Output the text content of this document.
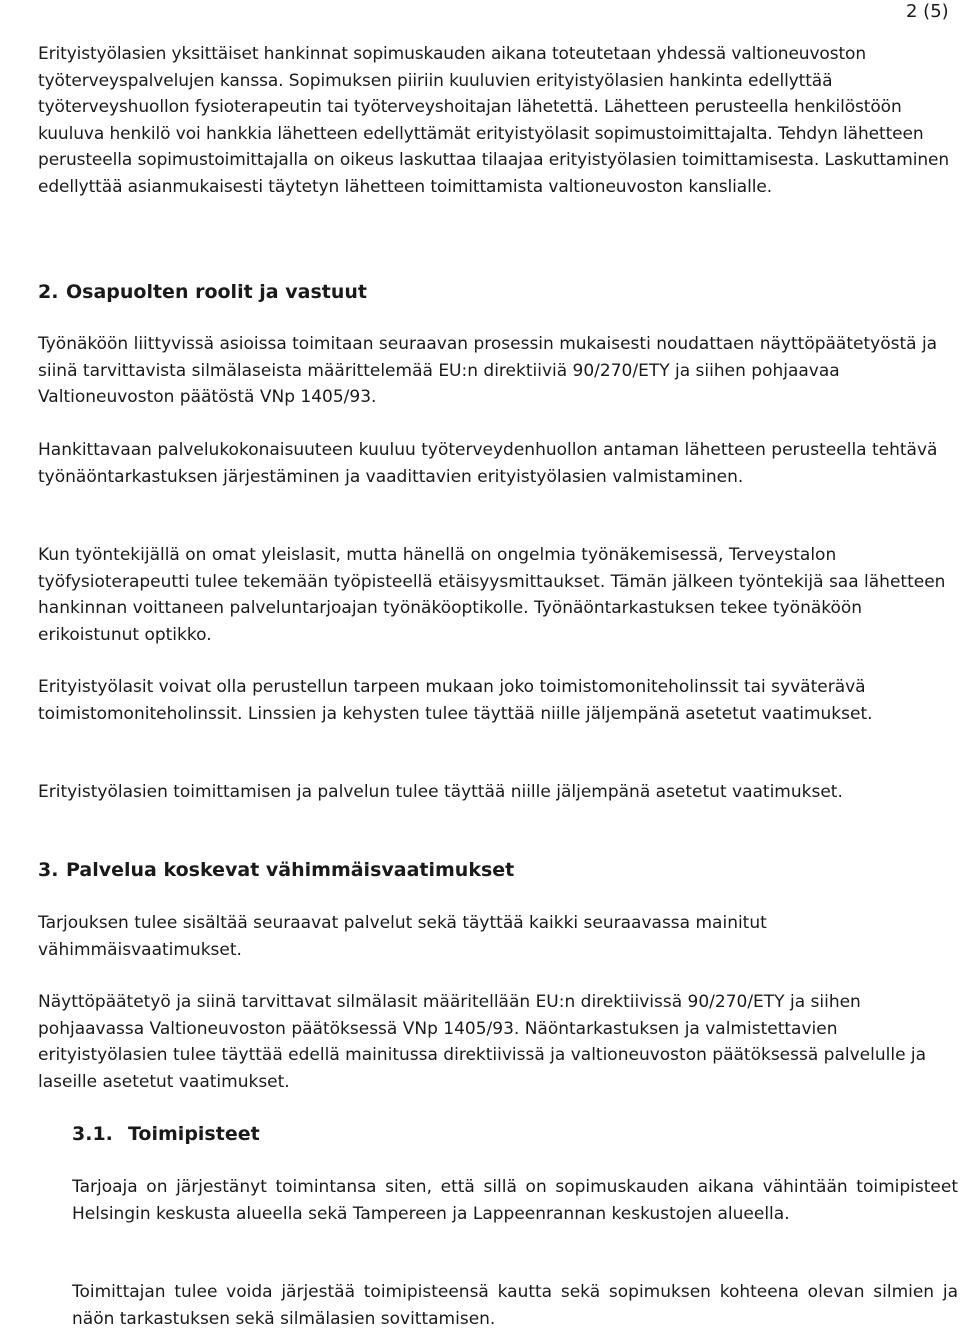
2 (5)

Erityistyölasien yksittäiset hankinnat sopimuskauden aikana toteutetaan yhdessä valtioneuvoston työterveyspalvelujen kanssa. Sopimuksen piiriin kuuluvien erityistyölasien hankinta edellyttää työterveyshuollon fysioterapeutin tai työterveyshoitajan lähetettä. Lähetteen perusteella henkilöstöön kuuluva henkilö voi hankkia lähetteen edellyttämät erityistyölasit sopimustoimittajalta. Tehdyn lähetteen perusteella sopimustoimittajalla on oikeus laskuttaa tilaajaa erityistyölasien toimittamisesta. Laskuttaminen edellyttää asianmukaisesti täytetyn lähetteen toimittamista valtioneuvoston kanslialle.

2. Osapuolten roolit ja vastuut

Työnäköön liittyvissä asioissa toimitaan seuraavan prosessin mukaisesti noudattaen näyttöpäätetyöstä ja siinä tarvittavista silmälaseista määrittelemää EU:n direktiiviä 90/270/ETY ja siihen pohjaavaa Valtioneuvoston päätöstä VNp 1405/93.

Hankittavaan palvelukokonaisuuteen kuuluu työterveydenhuollon antaman lähetteen perusteella tehtävä työnäöntarkastuksen järjestäminen ja vaadittavien erityistyölasien valmistaminen.

Kun työntekijällä on omat yleislasit, mutta hänellä on ongelmia työnäkemisessä, Terveystalon työfysioterapeutti tulee tekemään työpisteellä etäisyysmittaukset. Tämän jälkeen työntekijä saa lähetteen hankinnan voittaneen palveluntarjoajan työnäköoptikolle. Työnäöntarkastuksen tekee työnäköön erikoistunut optikko.

Erityistyölasit voivat olla perustellun tarpeen mukaan joko toimistomoniteholinssit tai syväterävä toimistomoniteholinssit. Linssien ja kehysten tulee täyttää niille jäljempänä asetetut vaatimukset.

Erityistyölasien toimittamisen ja palvelun tulee täyttää niille jäljempänä asetetut vaatimukset.

3. Palvelua koskevat vähimmäisvaatimukset

Tarjouksen tulee sisältää seuraavat palvelut sekä täyttää kaikki seuraavassa mainitut vähimmäisvaatimukset.

Näyttöpäätetyö ja siinä tarvittavat silmälasit määritellään EU:n direktiivissä 90/270/ETY ja siihen pohjaavassa Valtioneuvoston päätöksessä VNp 1405/93. Näöntarkastuksen ja valmistettavien erityistyölasien tulee täyttää edellä mainitussa direktiivissä ja valtioneuvoston päätöksessä palvelulle ja laseille asetetut vaatimukset.

3.1. Toimipisteet

Tarjoaja on järjestänyt toimintansa siten, että sillä on sopimuskauden aikana vähintään toimipisteet Helsingin keskusta alueella sekä Tampereen ja Lappeenrannan keskustojen alueella.

Toimittajan tulee voida järjestää toimipisteensä kautta sekä sopimuksen kohteena olevan silmien ja näön tarkastuksen sekä silmälasien sovittamisen.
